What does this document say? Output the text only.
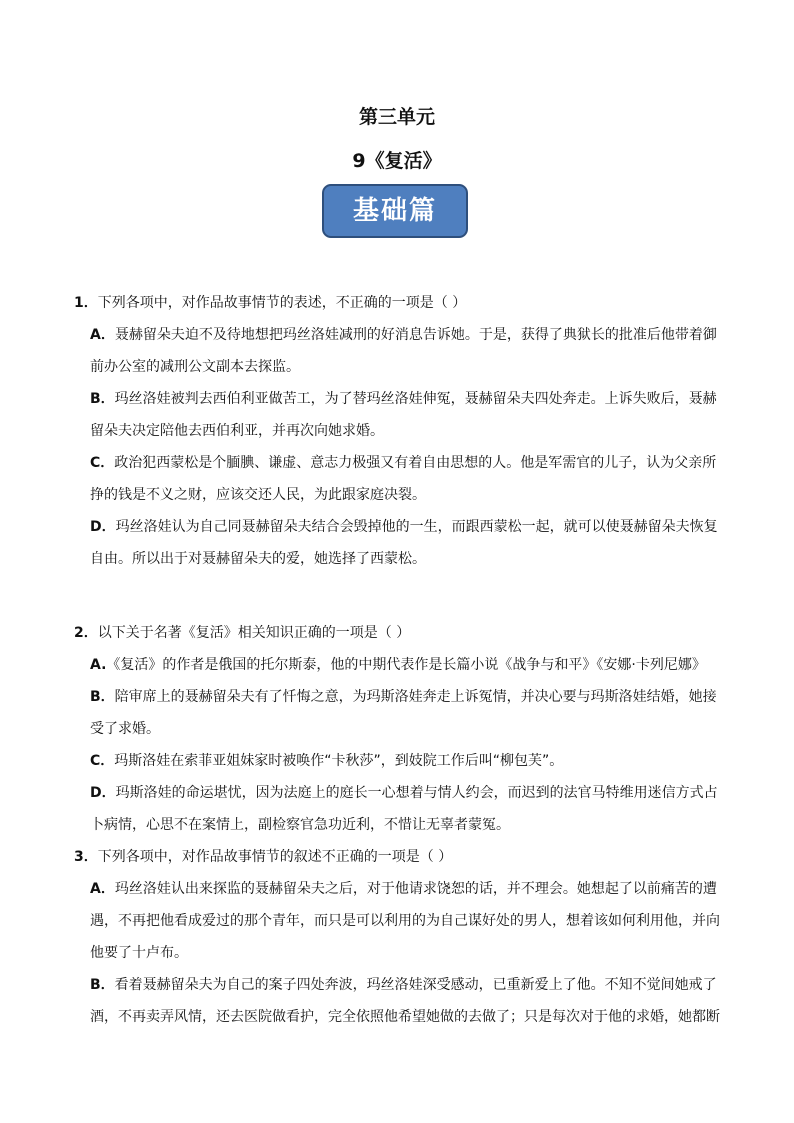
第三单元
9《复活》
基础篇
1．下列各项中，对作品故事情节的表述，不正确的一项是（ ）
A．聂赫留朵夫迫不及待地想把玛丝洛娃减刑的好消息告诉她。于是，获得了典狱长的批准后他带着御
前办公室的减刑公文副本去探监。
B．玛丝洛娃被判去西伯利亚做苦工，为了替玛丝洛娃伸冤，聂赫留朵夫四处奔走。上诉失败后，聂赫
留朵夫决定陪他去西伯利亚，并再次向她求婚。
C．政治犯西蒙松是个腼腆、谦虚、意志力极强又有着自由思想的人。他是军需官的儿子，认为父亲所
挣的钱是不义之财，应该交还人民，为此跟家庭决裂。
D．玛丝洛娃认为自己同聂赫留朵夫结合会毁掉他的一生，而跟西蒙松一起，就可以使聂赫留朵夫恢复
自由。所以出于对聂赫留朵夫的爱，她选择了西蒙松。
2．以下关于名著《复活》相关知识正确的一项是（ ）
A.《复活》的作者是俄国的托尔斯泰，他的中期代表作是长篇小说《战争与和平》《安娜·卡列尼娜》
B．陪审席上的聂赫留朵夫有了忏悔之意，为玛斯洛娃奔走上诉冤情，并决心要与玛斯洛娃结婚，她接
受了求婚。
C．玛斯洛娃在索菲亚姐妹家时被唤作“卡秋莎”，到妓院工作后叫“柳包芙”。
D．玛斯洛娃的命运堪忧，因为法庭上的庭长一心想着与情人约会，而迟到的法官马特维用迷信方式占
卜病情，心思不在案情上，副检察官急功近利，不惜让无辜者蒙冤。
3．下列各项中，对作品故事情节的叙述不正确的一项是（ ）
A．玛丝洛娃认出来探监的聂赫留朵夫之后，对于他请求饶恕的话，并不理会。她想起了以前痛苦的遭
遇，不再把他看成爱过的那个青年，而只是可以利用的为自己谋好处的男人，想着该如何利用他，并向
他要了十卢布。
B．看着聂赫留朵夫为自己的案子四处奔波，玛丝洛娃深受感动，已重新爱上了他。不知不觉间她戒了
酒，不再卖弄风情，还去医院做看护，完全依照他希望她做的去做了；只是每次对于他的求婚，她都断
